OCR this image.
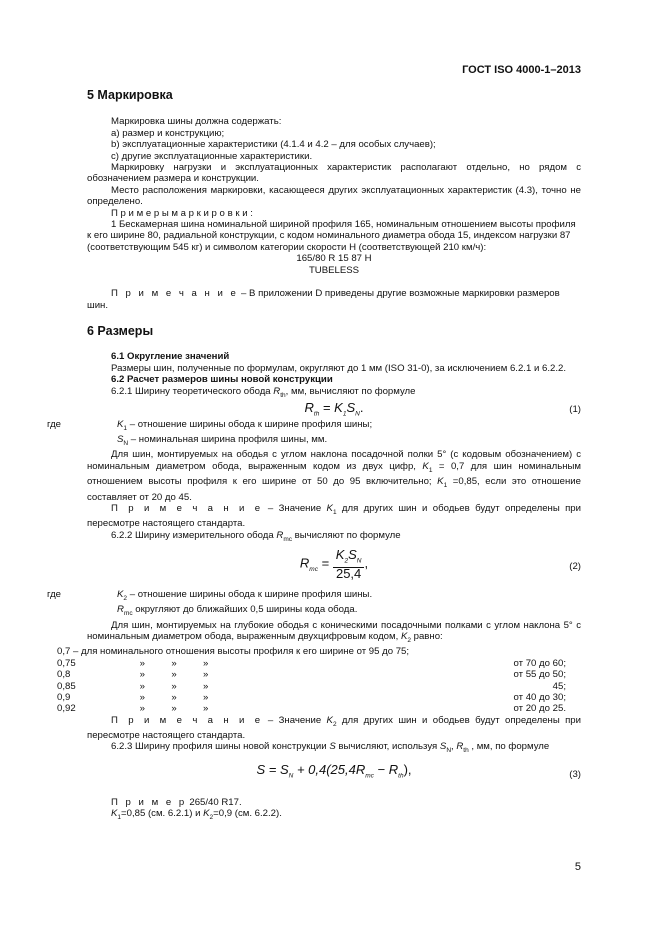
ГОСТ ISO 4000-1–2013
5 Маркировка

Маркировка шины должна содержать:

a) размер и конструкцию;

b) эксплуатационные характеристики (4.1.4 и 4.2 – для особых случаев);

c) другие эксплуатационные характеристики.

Маркировку нагрузки и эксплуатационных характеристик располагают отдельно, но рядом с обозначением размера и конструкции.

Место расположения маркировки, касающееся других эксплуатационных характеристик (4.3), точно не определено.

П р и м е р ы м а р к и р о в к и :

1 Бескамерная шина номинальной шириной профиля 165, номинальным отношением высоты профиля к его ширине 80, радиальной конструкции, с кодом номинального диаметра обода 15, индексом нагрузки 87 (соответствующим 545 кг) и символом категории скорости H (соответствующей 210 км/ч):

165/80 R 15 87 H

TUBELESS

П р и м е ч а н и е – В приложении D приведены другие возможные маркировки размеров шин.

6 Размеры

6.1 Округление значений

Размеры шин, полученные по формулам, округляют до 1 мм (ISO 31-0), за исключением 6.2.1 и 6.2.2.

6.2 Расчет размеров шины новой конструкции

6.2.1 Ширину теоретического обода $R_{th}$, мм, вычисляют по формуле

$R_{th} = K_1S_N$.	(1)

где	$K_1$ – отношение ширины обода к ширине профиля шины;

$S_N$ – номинальная ширина профиля шины, мм.

Для шин, монтируемых на ободья с углом наклона посадочной полки 5° (с кодовым обозначением) с номинальным диаметром обода, выраженным кодом из двух цифр, $K_1 = 0,7$ для шин номинальным отношением высоты профиля к его ширине от 50 до 95 включительно; $K_1 =0,85$, если это отношение составляет от 20 до 45.

П р и м е ч а н и е – Значение $K_1$ для других шин и ободьев будут определены при пересмотре настоящего стандарта.

6.2.2 Ширину измерительного обода $R_{mc}$ вычисляют по формуле

$R_{mc} = \frac{K_2S_N}{25,4}$ ,	(2)

где	$K_2$ – отношение ширины обода к ширине профиля шины.

$R_{mc}$ округляют до ближайших 0,5 ширины кода обода.

Для шин, монтируемых на глубокие ободья с коническими посадочными полками с углом наклона 5° с номинальным диаметром обода, выраженным двухцифровым кодом, $K_2$ равно:

0,7 – для номинального отношения высоты профиля к его ширине от 95 до 75;

0,75	»	»	»	от 70 до 60;
0,8	»	»	»	от 55 до 50;
0,85	»	»	»	45;
0,9	»	»	»	от 40 до 30;
0,92	»	»	»	от 20 до 25.

П р и м е ч а н и е – Значение $K_2$ для других шин и ободьев будут определены при пересмотре настоящего стандарта.

6.2.3 Ширину профиля шины новой конструкции S вычисляют, используя $S_N$, $R_{th}$ , мм, по формуле

$S = S_N + 0,4(25,4R_{mc} - R_{th})$,	(3)

П р и м е р 265/40 R17.

$K_1=0,85$ (см. 6.2.1) и $K_2=0,9$ (см. 6.2.2).

5
